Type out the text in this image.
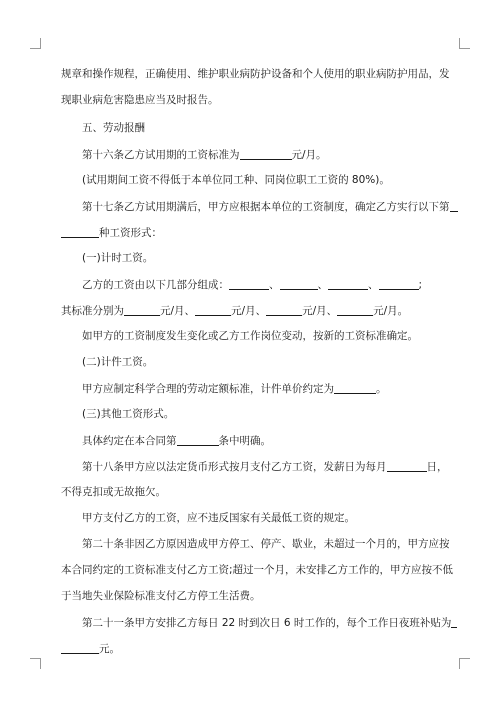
规章和操作规程，正确使用、维护职业病防护设备和个人使用的职业病防护用品，发
现职业病危害隐患应当及时报告。
五、劳动报酬
第十六条乙方试用期的工资标准为	元/月。
(试用期间工资不得低于本单位同工种、同岗位职工工资的 80%)。
第十七条乙方试用期满后，甲方应根据本单位的工资制度，确定乙方实行以下第
种工资形式：
(一)计时工资。
乙方的工资由以下几部分组成：	、	、	、	;
其标准分别为	元/月、	元/月、	元/月、	元/月。
如甲方的工资制度发生变化或乙方工作岗位变动，按新的工资标准确定。
(二)计件工资。
甲方应制定科学合理的劳动定额标准，计件单价约定为	。
(三)其他工资形式。
具体约定在本合同第	条中明确。
第十八条甲方应以法定货币形式按月支付乙方工资，发薪日为每月	日，
不得克扣或无故拖欠。
甲方支付乙方的工资，应不违反国家有关最低工资的规定。
第二十条非因乙方原因造成甲方停工、停产、歇业，未超过一个月的，甲方应按
本合同约定的工资标准支付乙方工资;超过一个月，未安排乙方工作的，甲方应按不低
于当地失业保险标准支付乙方停工生活费。
第二十一条甲方安排乙方每日 22 时到次日 6 时工作的，每个工作日夜班补贴为
元。
